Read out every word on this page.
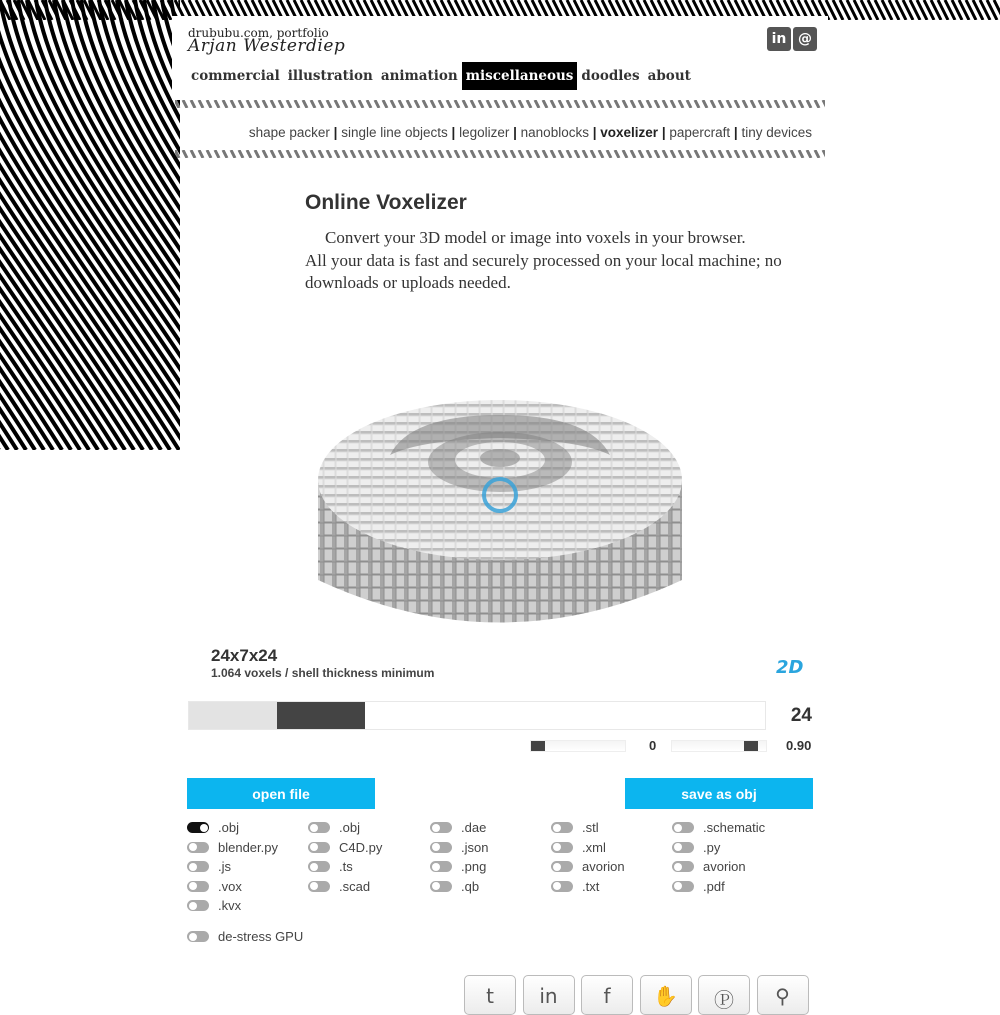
drububu.com, portfolio
Arjan Westerdiep	in @
commercial illustration animation miscellaneous doodles about
shape packer | single line objects | legolizer | nanoblocks | voxelizer | papercraft | tiny devices
Online Voxelizer
Convert your 3D model or image into voxels in your browser.
All your data is fast and securely processed on your local machine; no downloads or uploads needed.
24x7x24
1.064 voxels / shell thickness minimum	2D
24
0	0.90
open file	save as obj
.obj	.obj	.dae	.stl	.schematic
blender.py	C4D.py	.json	.xml	.py
.js	.ts	.png	avorion	avorion
.vox	.scad	.qb	.txt	.pdf
.kvx
de-stress GPU
t	in	f	✋	Ⓟ	⚲
